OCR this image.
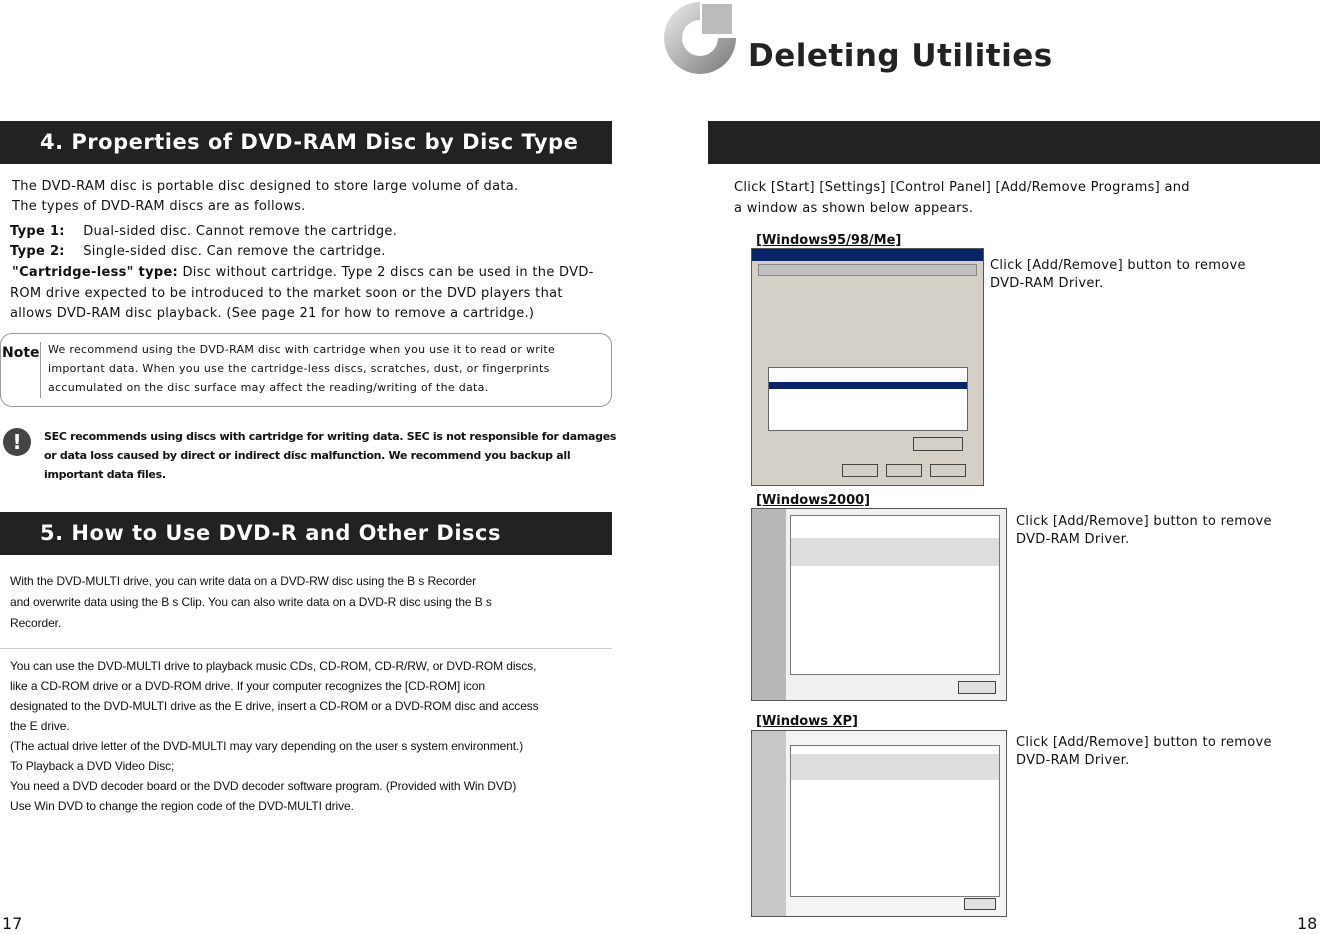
4. Properties of DVD-RAM Disc by Disc Type
The DVD-RAM disc is portable disc designed to store large volume of data.
The types of DVD-RAM discs are as follows.
Type 1: Dual-sided disc. Cannot remove the cartridge.
Type 2: Single-sided disc. Can remove the cartridge.
"Cartridge-less" type: Disc without cartridge. Type 2 discs can be used in the DVD-
ROM drive expected to be introduced to the market soon or the DVD players that
allows DVD-RAM disc playback. (See page 21 for how to remove a cartridge.)
Note We recommend using the DVD-RAM disc with cartridge when you use it to read or write
important data. When you use the cartridge-less discs, scratches, dust, or fingerprints
accumulated on the disc surface may affect the reading/writing of the data.
!	SEC recommends using discs with cartridge for writing data. SEC is not responsible for damages
or data loss caused by direct or indirect disc malfunction. We recommend you backup all
important data files.
5. How to Use DVD-R and Other Discs
With the DVD-MULTI drive, you can write data on a DVD-RW disc using the B s Recorder
and overwrite data using the B s Clip. You can also write data on a DVD-R disc using the B s
Recorder.
You can use the DVD-MULTI drive to playback music CDs, CD-ROM, CD-R/RW, or DVD-ROM discs,
like a CD-ROM drive or a DVD-ROM drive. If your computer recognizes the [CD-ROM] icon
designated to the DVD-MULTI drive as the E drive, insert a CD-ROM or a DVD-ROM disc and access
the E drive.
(The actual drive letter of the DVD-MULTI may vary depending on the user s system environment.)
To Playback a DVD Video Disc;
You need a DVD decoder board or the DVD decoder software program. (Provided with Win DVD)
Use Win DVD to change the region code of the DVD-MULTI drive.
17
Deleting Utilities
Click [Start] [Settings] [Control Panel] [Add/Remove Programs] and
a window as shown below appears.
[Windows95/98/Me]
Click [Add/Remove] button to remove
DVD-RAM Driver.
[Windows2000]
Click [Add/Remove] button to remove
DVD-RAM Driver.
[Windows XP]
Click [Add/Remove] button to remove
DVD-RAM Driver.
18
